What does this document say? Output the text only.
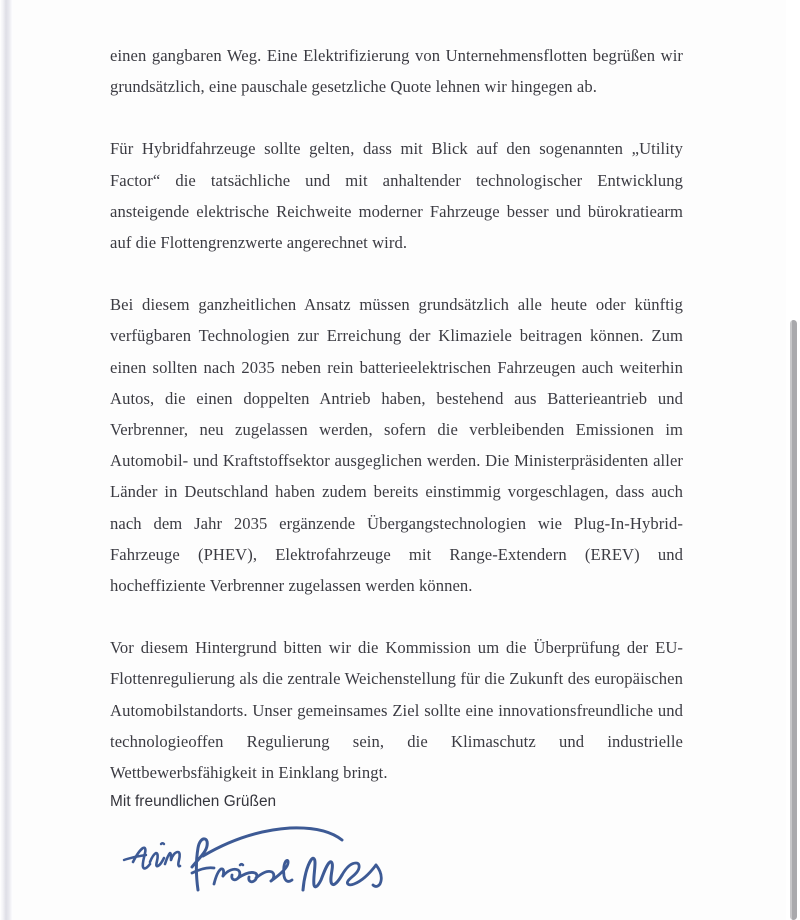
einen gangbaren Weg. Eine Elektrifizierung von Unternehmensflotten begrüßen wir grundsätzlich, eine pauschale gesetzliche Quote lehnen wir hingegen ab.

Für Hybridfahrzeuge sollte gelten, dass mit Blick auf den sogenannten „Utility Factor“ die tatsächliche und mit anhaltender technologischer Entwicklung ansteigende elektrische Reichweite moderner Fahrzeuge besser und bürokratiearm auf die Flottengrenzwerte angerechnet wird.

Bei diesem ganzheitlichen Ansatz müssen grundsätzlich alle heute oder künftig verfügbaren Technologien zur Erreichung der Klimaziele beitragen können. Zum einen sollten nach 2035 neben rein batterieelektrischen Fahrzeugen auch weiterhin Autos, die einen doppelten Antrieb haben, bestehend aus Batterieantrieb und Verbrenner, neu zugelassen werden, sofern die verbleibenden Emissionen im Automobil- und Kraftstoffsektor ausgeglichen werden. Die Ministerpräsidenten aller Länder in Deutschland haben zudem bereits einstimmig vorgeschlagen, dass auch nach dem Jahr 2035 ergänzende Übergangstechnologien wie Plug-In-Hybrid-Fahrzeuge (PHEV), Elektrofahrzeuge mit Range-Extendern (EREV) und hocheffiziente Verbrenner zugelassen werden können.

Vor diesem Hintergrund bitten wir die Kommission um die Überprüfung der EU-Flottenregulierung als die zentrale Weichenstellung für die Zukunft des europäischen Automobilstandorts. Unser gemeinsames Ziel sollte eine innovationsfreundliche und technologieoffen Regulierung sein, die Klimaschutz und industrielle Wettbewerbsfähigkeit in Einklang bringt.

Mit freundlichen Grüßen
